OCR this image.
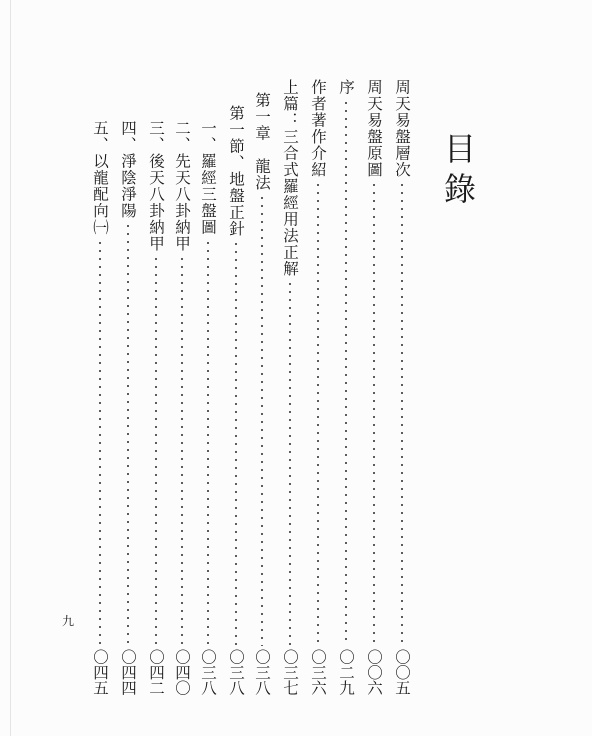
目
錄
周天易盤層次
〇〇五
周天易盤原圖
〇〇六
序
〇二九
作者著作介紹
〇三六
上篇：三合式羅經用法正解
〇三七
第一章　龍法
〇三八
第一節、地盤正針
〇三八
一、羅經三盤圖
〇三八
二、先天八卦納甲
〇四〇
三、後天八卦納甲
〇四二
四、淨陰淨陽
〇四四
五、以龍配向㈠
〇四五
九
